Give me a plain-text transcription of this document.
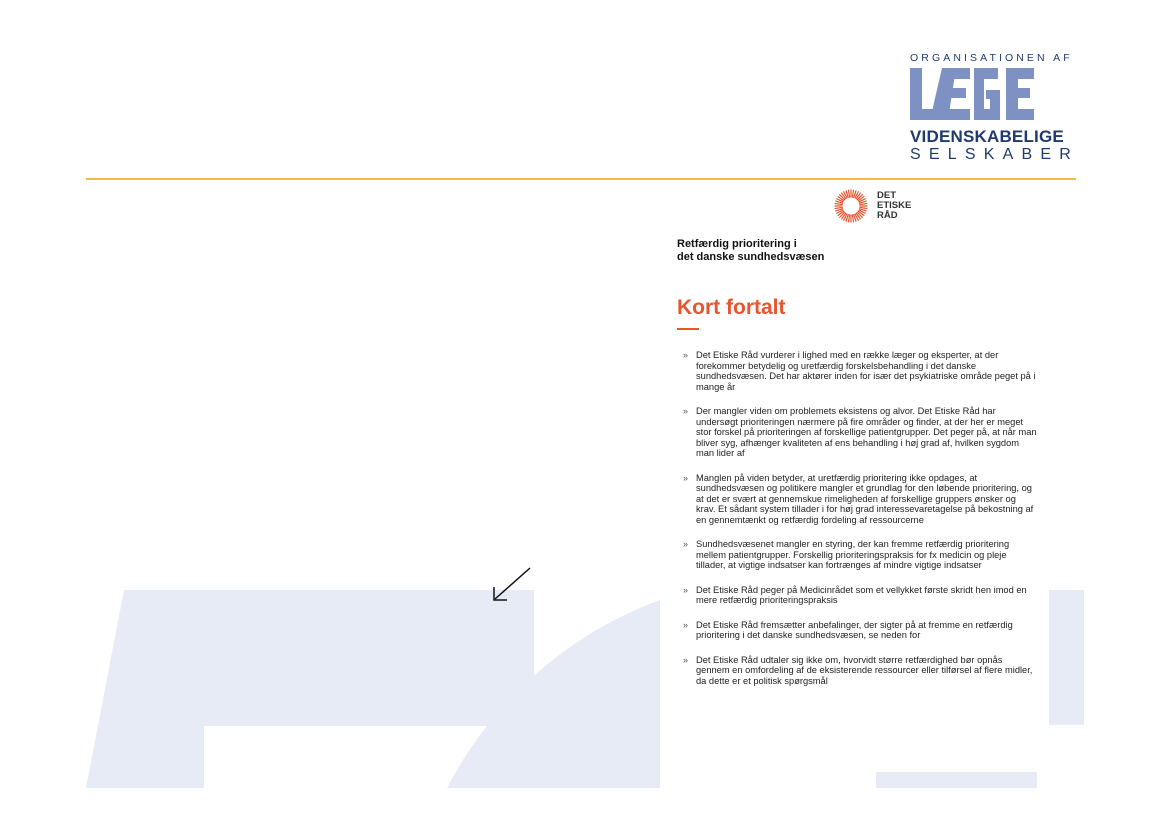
ORGANISATIONEN AF
VIDENSKABELIGE
SELSKABER
DET
ETISKE
RÅD
Retfærdig prioritering i
det danske sundhedsvæsen
Kort fortalt
» Det Etiske Råd vurderer i lighed med en række læger og eksperter, at der forekommer betydelig og uretfærdig forskelsbehandling i det danske sundhedsvæsen. Det har aktører inden for især det psykiatriske område peget på i mange år
» Der mangler viden om problemets eksistens og alvor. Det Etiske Råd har undersøgt prioriteringen nærmere på fire områder og finder, at der her er meget stor forskel på prioriteringen af forskellige patientgrupper. Det peger på, at når man bliver syg, afhænger kvaliteten af ens behandling i høj grad af, hvilken sygdom man lider af
» Manglen på viden betyder, at uretfærdig prioritering ikke opdages, at sundhedsvæsen og politikere mangler et grundlag for den løbende prioritering, og at det er svært at gennemskue rimeligheden af forskellige gruppers ønsker og krav. Et sådant system tillader i for høj grad interessevaretagelse på bekostning af en gennemtænkt og retfærdig fordeling af ressourcerne
» Sundhedsvæsenet mangler en styring, der kan fremme retfærdig prioritering mellem patientgrupper. Forskellig prioriteringspraksis for fx medicin og pleje tillader, at vigtige indsatser kan fortrænges af mindre vigtige indsatser
» Det Etiske Råd peger på Medicinrådet som et vellykket første skridt hen imod en mere retfærdig prioriteringspraksis
» Det Etiske Råd fremsætter anbefalinger, der sigter på at fremme en retfærdig prioritering i det danske sundhedsvæsen, se neden for
» Det Etiske Råd udtaler sig ikke om, hvorvidt større retfærdighed bør opnås gennem en omfordeling af de eksisterende ressourcer eller tilførsel af flere midler, da dette er et politisk spørgsmål
